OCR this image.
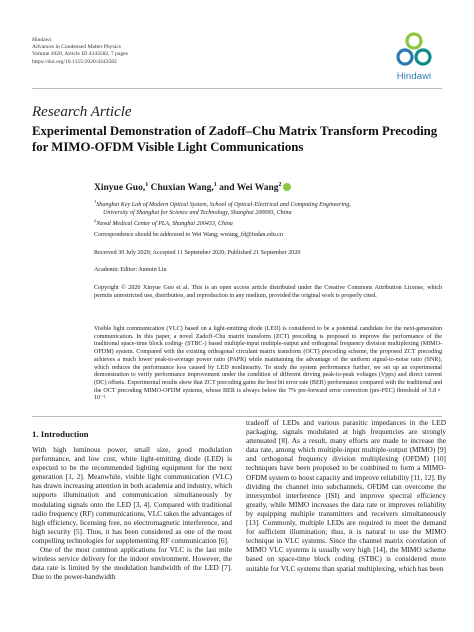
Hindawi
Advances in Condensed Matter Physics
Volume 2020, Article ID 4343582, 7 pages
https://doi.org/10.1155/2020/4343582
Hindawi
Research Article
Experimental Demonstration of Zadoff–Chu Matrix Transform Precoding for MIMO-OFDM Visible Light Communications
Xinyue Guo,$^1$ Chuxian Wang,$^1$ and Wei Wang$^2$
$^1$Shanghai Key Lab of Modern Optical System, School of Optical-Electrical and Computing Engineering,
University of Shanghai for Science and Technology, Shanghai 200093, China
$^2$Naval Medical Center of PLA, Shanghai 200433, China
Correspondence should be addressed to Wei Wang; wwang_fd@fudan.edu.cn
Received 30 July 2020; Accepted 11 September 2020; Published 21 September 2020
Academic Editor: Junmin Liu
Copyright © 2020 Xinyue Guo et al. This is an open access article distributed under the Creative Commons Attribution License, which permits unrestricted use, distribution, and reproduction in any medium, provided the original work is properly cited.

Visible light communication (VLC) based on a light-emitting diode (LED) is considered to be a potential candidate for the next-generation communication. In this paper, a novel Zadoff–Chu matrix transform (ZCT) precoding is proposed to improve the performance of the traditional space-time block coding- (STBC-) based multiple-input multiple-output and orthogonal frequency division multiplexing (MIMO-OFDM) system. Compared with the existing orthogonal circulant matrix transform (OCT) precoding scheme, the proposed ZCT precoding achieves a much lower peak-to-average power ratio (PAPR) while maintaining the advantage of the uniform signal-to-noise ratio (SNR), which reduces the performance loss caused by LED nonlinearity. To study the system performance further, we set up an experimental demonstration to verify performance improvement under the condition of different driving peak-to-peak voltages (Vpps) and direct current (DC) offsets. Experimental results show that ZCT precoding gains the best bit error rate (BER) performance compared with the traditional and the OCT precoding MIMO-OFDM systems, whose BER is always below the 7% pre-forward error correction (pre-FEC) threshold of 3.8 × 10⁻³.

1. Introduction

With high luminous power, small size, good modulation performance, and low cost, white light-emitting diode (LED) is expected to be the recommended lighting equipment for the next generation [1, 2]. Meanwhile, visible light communication (VLC) has drawn increasing attention in both academia and industry, which supports illumination and communication simultaneously by modulating signals onto the LED [3, 4]. Compared with traditional radio frequency (RF) communications, VLC takes the advantages of high efficiency, licensing free, no electromagnetic interference, and high security [5]. Thus, it has been considered as one of the most compelling technologies for supplementing RF communication [6].

One of the most common applications for VLC is the last mile wireless service delivery for the indoor environment. However, the data rate is limited by the modulation bandwidth of the LED [7]. Due to the power-bandwidth

tradeoff of LEDs and various parasitic impedances in the LED packaging, signals modulated at high frequencies are strongly attenuated [8]. As a result, many efforts are made to increase the data rate, among which multiple-input multiple-output (MIMO) [9] and orthogonal frequency division multiplexing (OFDM) [10] techniques have been proposed to be combined to form a MIMO-OFDM system to boost capacity and improve reliability [11, 12]. By dividing the channel into subchannels, OFDM can overcome the intersymbol interference (ISI) and improve spectral efficiency greatly, while MIMO increases the data rate or improves reliability by equipping multiple transmitters and receivers simultaneously [13]. Commonly, multiple LEDs are required to meet the demand for sufficient illumination; thus, it is natural to use the MIMO technique in VLC systems. Since the channel matrix correlation of MIMO VLC systems is usually very high [14], the MIMO scheme based on space-time block coding (STBC) is considered more suitable for VLC systems than spatial multiplexing, which has been
